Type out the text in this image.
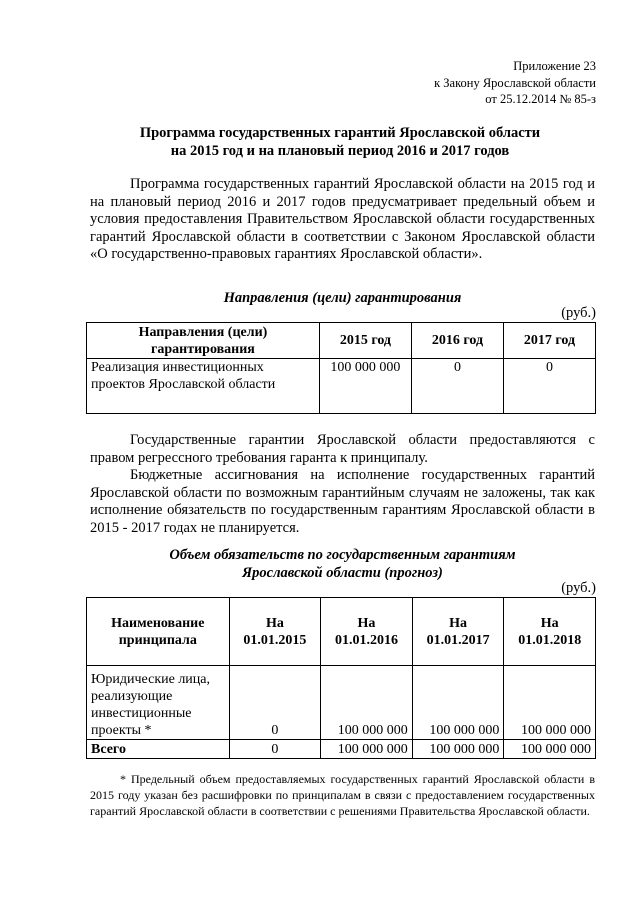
Приложение 23
к Закону Ярославской области
от 25.12.2014 № 85-з
Программа государственных гарантий Ярославской области
на 2015 год и на плановый период 2016 и 2017 годов
Программа государственных гарантий Ярославской области на 2015 год и на плановый период 2016 и 2017 годов предусматривает предельный объем и условия предоставления Правительством Ярославской области государственных гарантий Ярославской области в соответствии с Законом Ярославской области «О государственно-правовых гарантиях Ярославской области».
Направления (цели) гарантирования
(руб.)
Направления (цели) гарантирования	2015 год	2016 год	2017 год
Реализация инвестиционных проектов Ярославской области	100 000 000	0	0
Государственные гарантии Ярославской области предоставляются с правом регрессного требования гаранта к принципалу.
Бюджетные ассигнования на исполнение государственных гарантий Ярославской области по возможным гарантийным случаям не заложены, так как исполнение обязательств по государственным гарантиям Ярославской области в 2015 - 2017 годах не планируется.
Объем обязательств по государственным гарантиям
Ярославской области (прогноз)
(руб.)
Наименование принципала	На 01.01.2015	На 01.01.2016	На 01.01.2017	На 01.01.2018
Юридические лица, реализующие инвестиционные проекты *	0	100 000 000	100 000 000	100 000 000
Всего	0	100 000 000	100 000 000	100 000 000
* Предельный объем предоставляемых государственных гарантий Ярославской области в 2015 году указан без расшифровки по принципалам в связи с предоставлением государственных гарантий Ярославской области в соответствии с решениями Правительства Ярославской области.
